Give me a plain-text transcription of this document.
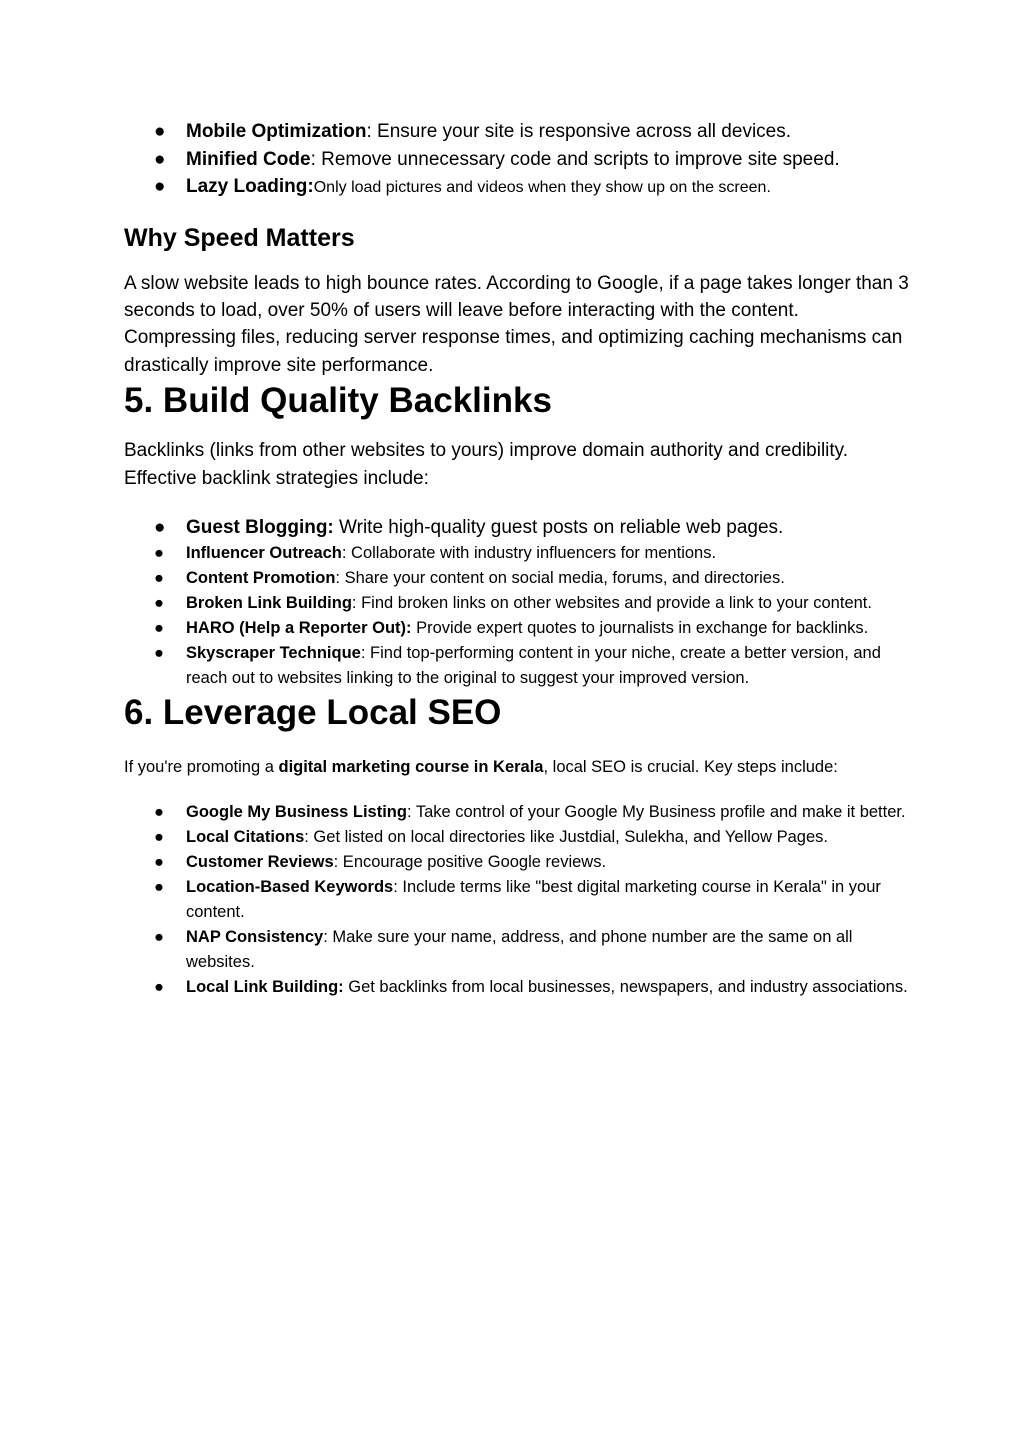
● Mobile Optimization: Ensure your site is responsive across all devices.
● Minified Code: Remove unnecessary code and scripts to improve site speed.
● Lazy Loading:Only load pictures and videos when they show up on the screen.
Why Speed Matters

A slow website leads to high bounce rates. According to Google, if a page takes longer than 3 seconds to load, over 50% of users will leave before interacting with the content. Compressing files, reducing server response times, and optimizing caching mechanisms can drastically improve site performance.

5. Build Quality Backlinks

Backlinks (links from other websites to yours) improve domain authority and credibility. Effective backlink strategies include:

● Guest Blogging: Write high-quality guest posts on reliable web pages.
● Influencer Outreach: Collaborate with industry influencers for mentions.
● Content Promotion: Share your content on social media, forums, and directories.
● Broken Link Building: Find broken links on other websites and provide a link to your content.
● HARO (Help a Reporter Out): Provide expert quotes to journalists in exchange for backlinks.
● Skyscraper Technique: Find top-performing content in your niche, create a better version, and reach out to websites linking to the original to suggest your improved version.
6. Leverage Local SEO

If you're promoting a digital marketing course in Kerala, local SEO is crucial. Key steps include:

● Google My Business Listing: Take control of your Google My Business profile and make it better.
● Local Citations: Get listed on local directories like Justdial, Sulekha, and Yellow Pages.
● Customer Reviews: Encourage positive Google reviews.
● Location-Based Keywords: Include terms like "best digital marketing course in Kerala" in your content.
● NAP Consistency: Make sure your name, address, and phone number are the same on all websites.
● Local Link Building: Get backlinks from local businesses, newspapers, and industry associations.
